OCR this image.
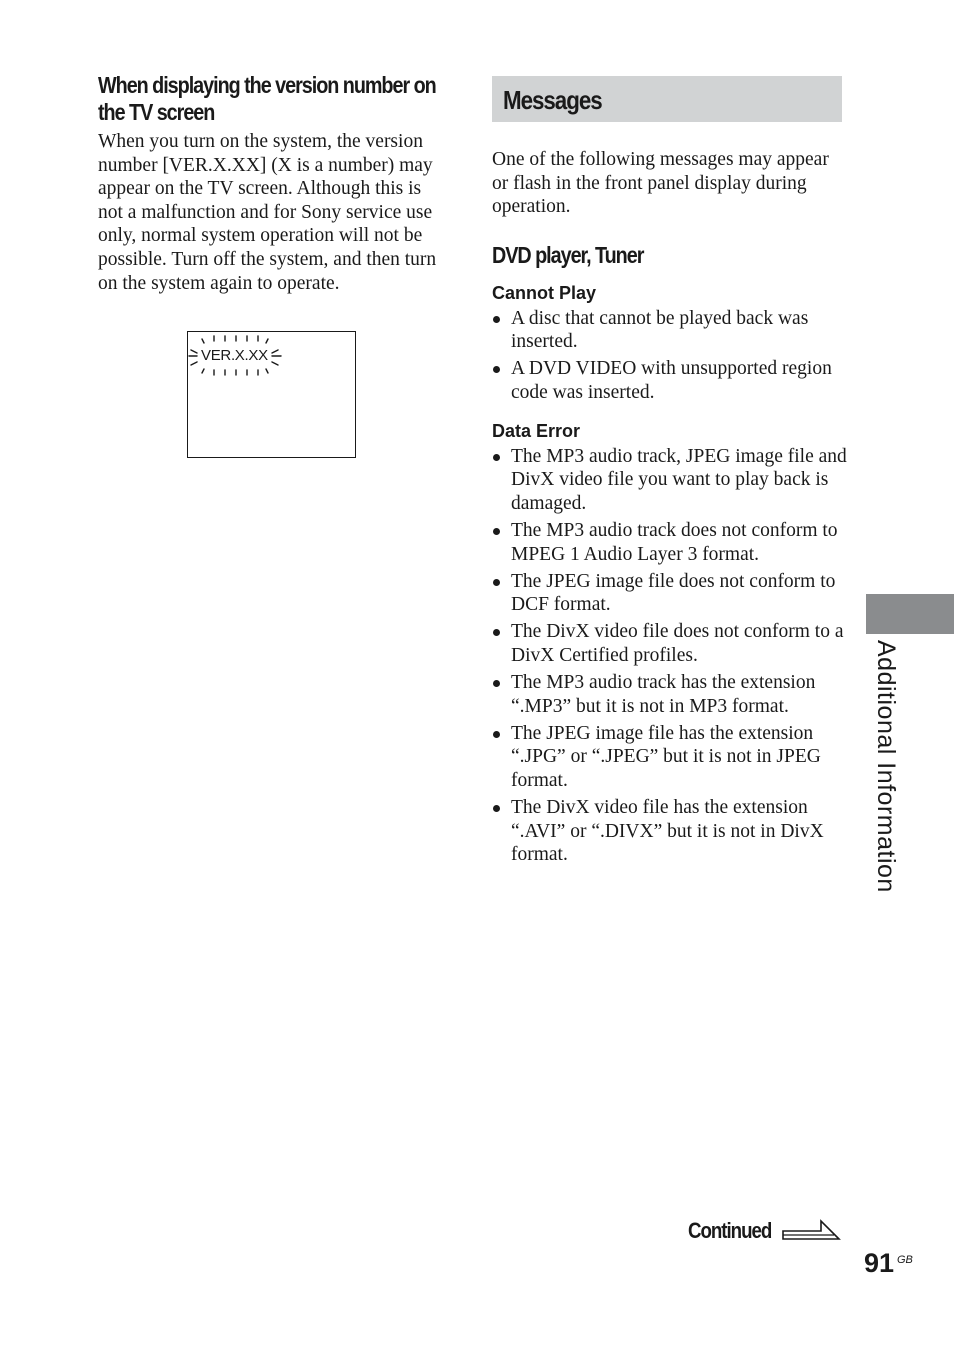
When displaying the version number on the TV screen
When you turn on the system, the version number [VER.X.XX] (X is a number) may appear on the TV screen. Although this is not a malfunction and for Sony service use only, normal system operation will not be possible. Turn off the system, and then turn on the system again to operate.
VER.X.XX
Messages
One of the following messages may appear or flash in the front panel display during operation.
DVD player, Tuner
Cannot Play
A disc that cannot be played back was inserted.
A DVD VIDEO with unsupported region code was inserted.
Data Error
The MP3 audio track, JPEG image file and DivX video file you want to play back is damaged.
The MP3 audio track does not conform to MPEG 1 Audio Layer 3 format.
The JPEG image file does not conform to DCF format.
The DivX video file does not conform to a DivX Certified profiles.
The MP3 audio track has the extension “.MP3” but it is not in MP3 format.
The JPEG image file has the extension “.JPG” or “.JPEG” but it is not in JPEG format.
The DivX video file has the extension “.AVI” or “.DIVX” but it is not in DivX format.	Additional Information
Continued
91 GB
